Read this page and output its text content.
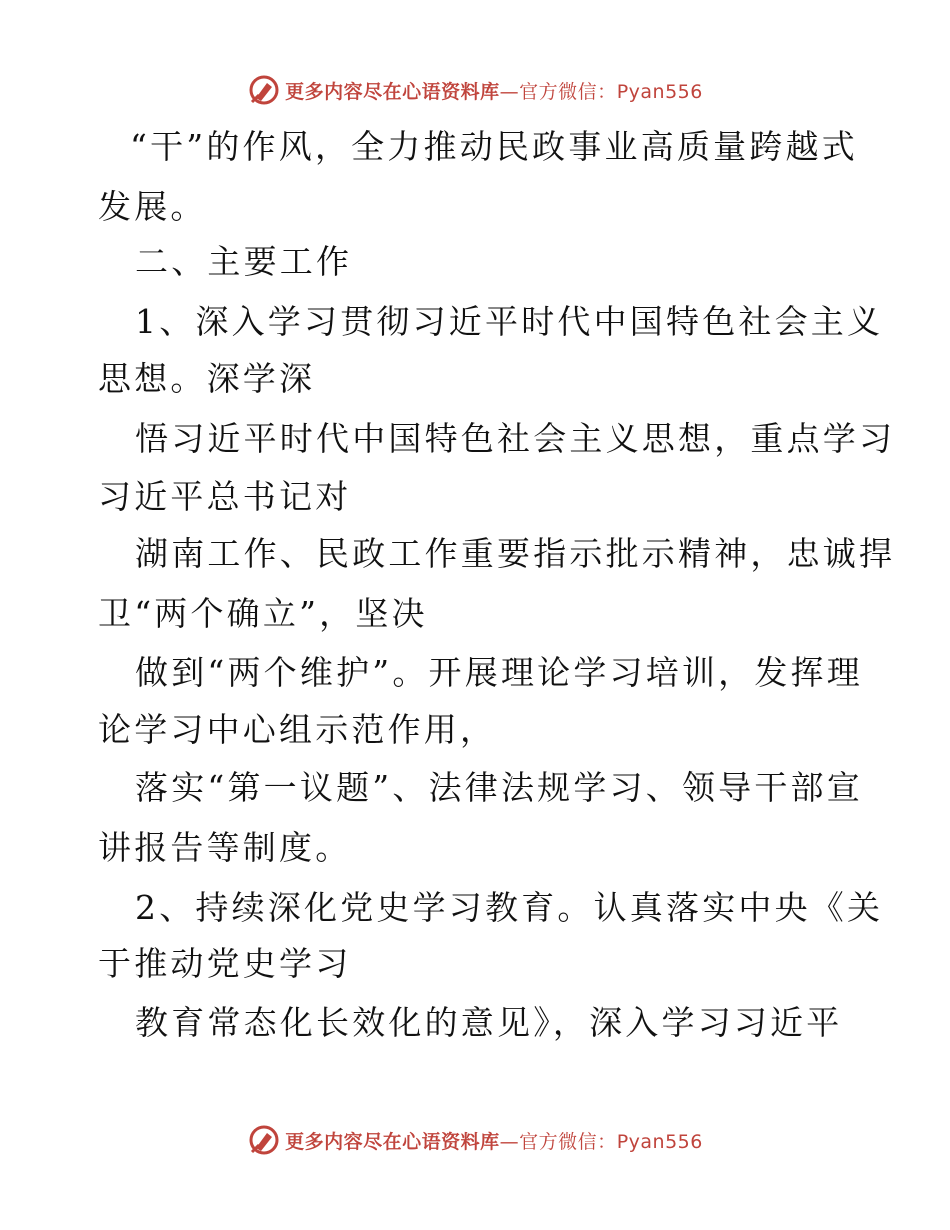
更多内容尽在心语资料库—官方微信：Pyan556
“干”的作风，全力推动民政事业高质量跨越式
发展。
二、主要工作
1、深入学习贯彻习近平时代中国特色社会主义
思想。深学深
悟习近平时代中国特色社会主义思想，重点学习
习近平总书记对
湖南工作、民政工作重要指示批示精神，忠诚捍
卫“两个确立”，坚决
做到“两个维护”。开展理论学习培训，发挥理
论学习中心组示范作用，
落实“第一议题”、法律法规学习、领导干部宣
讲报告等制度。
2、持续深化党史学习教育。认真落实中央《关
于推动党史学习
教育常态化长效化的意见》，深入学习习近平
更多内容尽在心语资料库—官方微信：Pyan556
